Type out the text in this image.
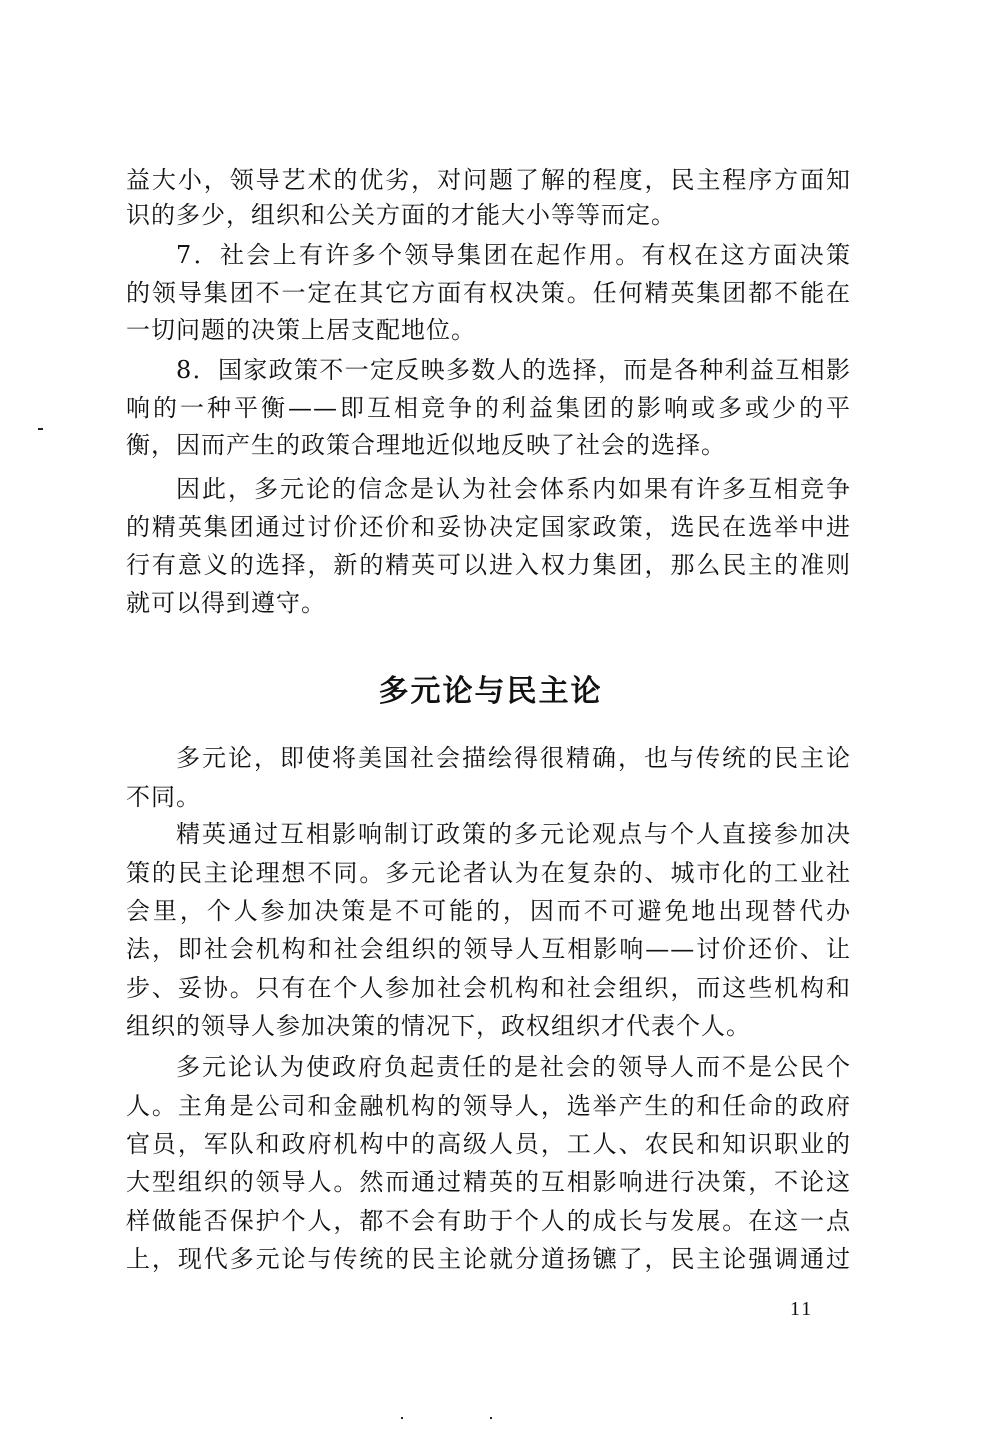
益大小，领导艺术的优劣，对问题了解的程度，民主程序方面知
识的多少，组织和公关方面的才能大小等等而定。
7．社会上有许多个领导集团在起作用。有权在这方面决策
的领导集团不一定在其它方面有权决策。任何精英集团都不能在
一切问题的决策上居支配地位。
8．国家政策不一定反映多数人的选择，而是各种利益互相影
响的一种平衡——即互相竞争的利益集团的影响或多或少的平
衡，因而产生的政策合理地近似地反映了社会的选择。
因此，多元论的信念是认为社会体系内如果有许多互相竞争
的精英集团通过讨价还价和妥协决定国家政策，选民在选举中进
行有意义的选择，新的精英可以进入权力集团，那么民主的准则
就可以得到遵守。
多元论与民主论
多元论，即使将美国社会描绘得很精确，也与传统的民主论
不同。
精英通过互相影响制订政策的多元论观点与个人直接参加决
策的民主论理想不同。多元论者认为在复杂的、城市化的工业社
会里，个人参加决策是不可能的，因而不可避免地出现替代办
法，即社会机构和社会组织的领导人互相影响——讨价还价、让
步、妥协。只有在个人参加社会机构和社会组织，而这些机构和
组织的领导人参加决策的情况下，政权组织才代表个人。
多元论认为使政府负起责任的是社会的领导人而不是公民个
人。主角是公司和金融机构的领导人，选举产生的和任命的政府
官员，军队和政府机构中的高级人员，工人、农民和知识职业的
大型组织的领导人。然而通过精英的互相影响进行决策，不论这
样做能否保护个人，都不会有助于个人的成长与发展。在这一点
上，现代多元论与传统的民主论就分道扬镳了，民主论强调通过
11
